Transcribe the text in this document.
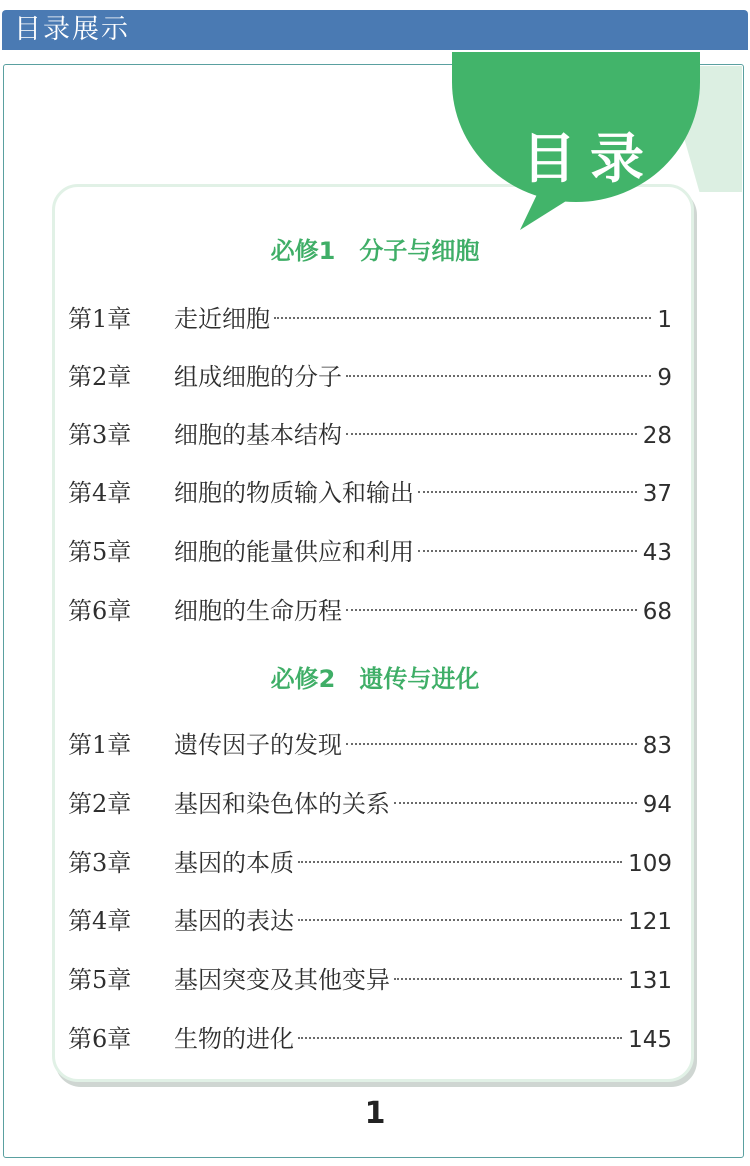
目录展示
目录
必修1　分子与细胞
第1章	走近细胞	1
第2章	组成细胞的分子	9
第3章	细胞的基本结构	28
第4章	细胞的物质输入和输出	37
第5章	细胞的能量供应和利用	43
第6章	细胞的生命历程	68
必修2　遗传与进化
第1章	遗传因子的发现	83
第2章	基因和染色体的关系	94
第3章	基因的本质	109
第4章	基因的表达	121
第5章	基因突变及其他变异	131
第6章	生物的进化	145
1
